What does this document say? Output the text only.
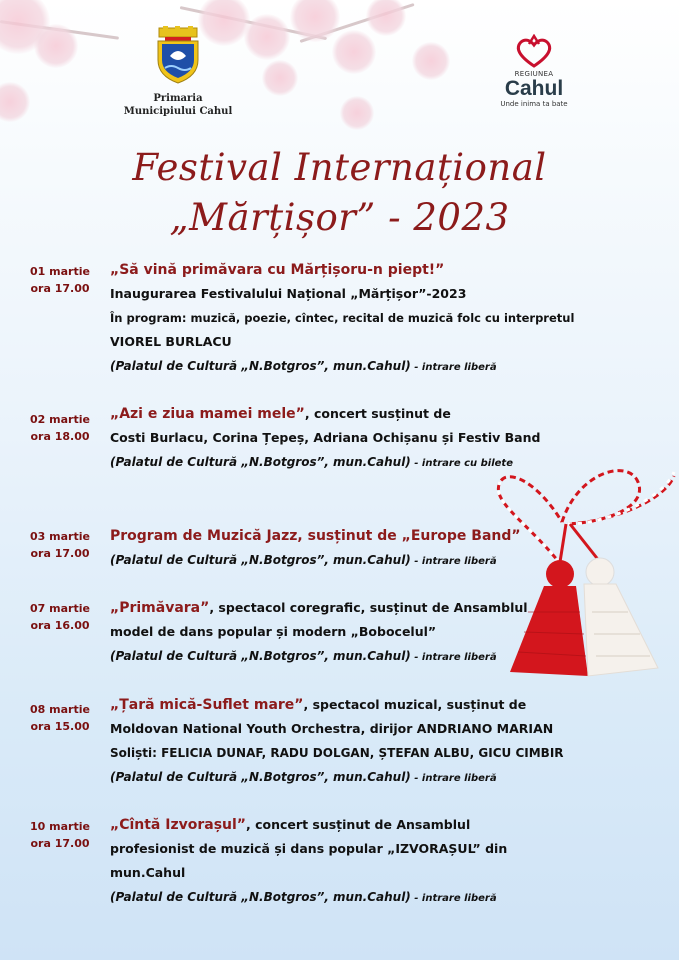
Primaria
Municipiului Cahul
REGIUNEA
Cahul
Unde inima ta bate
Festival Internațional
„Mărțișor” - 2023
01 martie
ora 17.00
„Să vină primăvara cu Mărțișoru-n piept!”
Inaugurarea Festivalului Național „Mărțișor”-2023
În program: muzică, poezie, cîntec, recital de muzică folc cu interpretul
VIOREL BURLACU
(Palatul de Cultură „N.Botgros”, mun.Cahul) - intrare liberă
02 martie
ora 18.00
„Azi e ziua mamei mele”, concert susținut de
Costi Burlacu, Corina Țepeș, Adriana Ochișanu și Festiv Band
(Palatul de Cultură „N.Botgros”, mun.Cahul) - intrare cu bilete
03 martie
ora 17.00
Program de Muzică Jazz, susținut de „Europe Band”
(Palatul de Cultură „N.Botgros”, mun.Cahul) - intrare liberă
07 martie
ora 16.00
„Primăvara”, spectacol coregrafic, susținut de Ansamblul
model de dans popular și modern „Bobocelul”
(Palatul de Cultură „N.Botgros”, mun.Cahul) - intrare liberă
08 martie
ora 15.00
„Țară mică-Suflet mare”, spectacol muzical, susținut de
Moldovan National Youth Orchestra, dirijor ANDRIANO MARIAN
Soliști: FELICIA DUNAF, RADU DOLGAN, ȘTEFAN ALBU, GICU CIMBIR
(Palatul de Cultură „N.Botgros”, mun.Cahul) - intrare liberă
10 martie
ora 17.00
„Cîntă Izvorașul”, concert susținut de Ansamblul
profesionist de muzică și dans popular „IZVORAȘUL” din
mun.Cahul
(Palatul de Cultură „N.Botgros”, mun.Cahul) - intrare liberă
